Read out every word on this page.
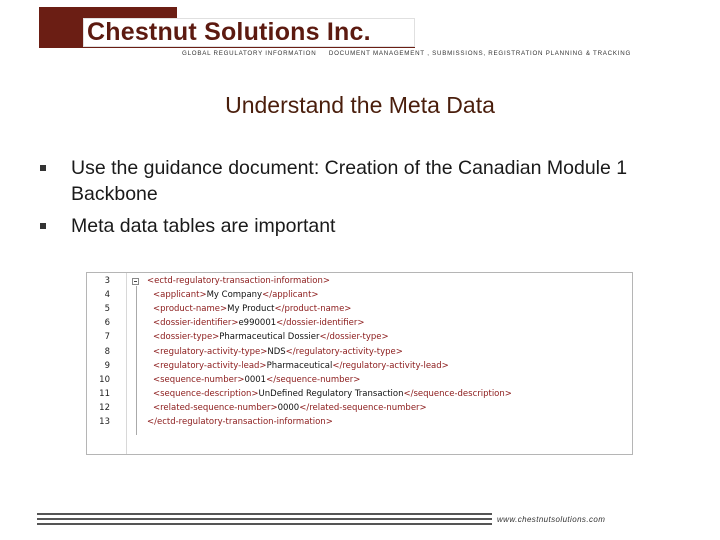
Chestnut Solutions Inc.
GLOBAL REGULATORY INFORMATION DOCUMENT MANAGEMENT , SUBMISSIONS, REGISTRATION PLANNING & TRACKING
Understand the Meta Data
Use the guidance document: Creation of the Canadian Module 1 Backbone
Meta data tables are important
3
4
5
6
7
8
9
10
11
12
13
<ectd-regulatory-transaction-information>
<applicant>My Company</applicant>
<product-name>My Product</product-name>
<dossier-identifier>e990001</dossier-identifier>
<dossier-type>Pharmaceutical Dossier</dossier-type>
<regulatory-activity-type>NDS</regulatory-activity-type>
<regulatory-activity-lead>Pharmaceutical</regulatory-activity-lead>
<sequence-number>0001</sequence-number>
<sequence-description>UnDefined Regulatory Transaction</sequence-description>
<related-sequence-number>0000</related-sequence-number>
</ectd-regulatory-transaction-information>
www.chestnutsolutions.com
